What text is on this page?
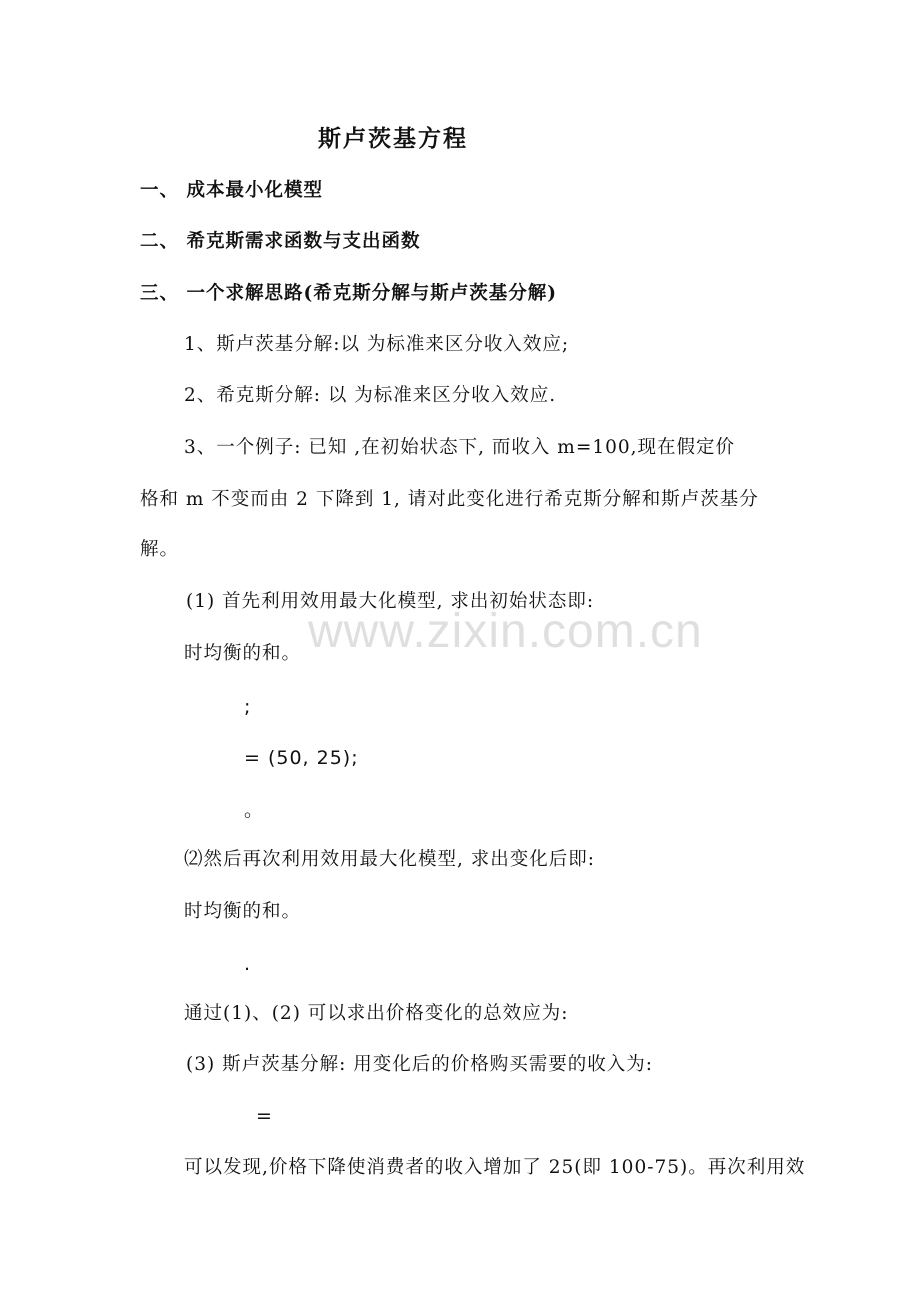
斯卢茨基方程
一、 成本最小化模型
二、 希克斯需求函数与支出函数
三、 一个求解思路(希克斯分解与斯卢茨基分解)
1、斯卢茨基分解:以 为标准来区分收入效应;
2、希克斯分解: 以 为标准来区分收入效应.
3、一个例子: 已知 ,在初始状态下, 而收入 m=100,现在假定价
格和 m 不变而由 2 下降到 1, 请对此变化进行希克斯分解和斯卢茨基分
解。
(1) 首先利用效用最大化模型, 求出初始状态即:
时均衡的和。
;
= (50, 25);
。
⑵然后再次利用效用最大化模型, 求出变化后即:
时均衡的和。
.
通过(1)、(2) 可以求出价格变化的总效应为:
(3) 斯卢茨基分解: 用变化后的价格购买需要的收入为:
=
可以发现,价格下降使消费者的收入增加了 25(即 100-75)。再次利用效
www.zixin.com.cn
